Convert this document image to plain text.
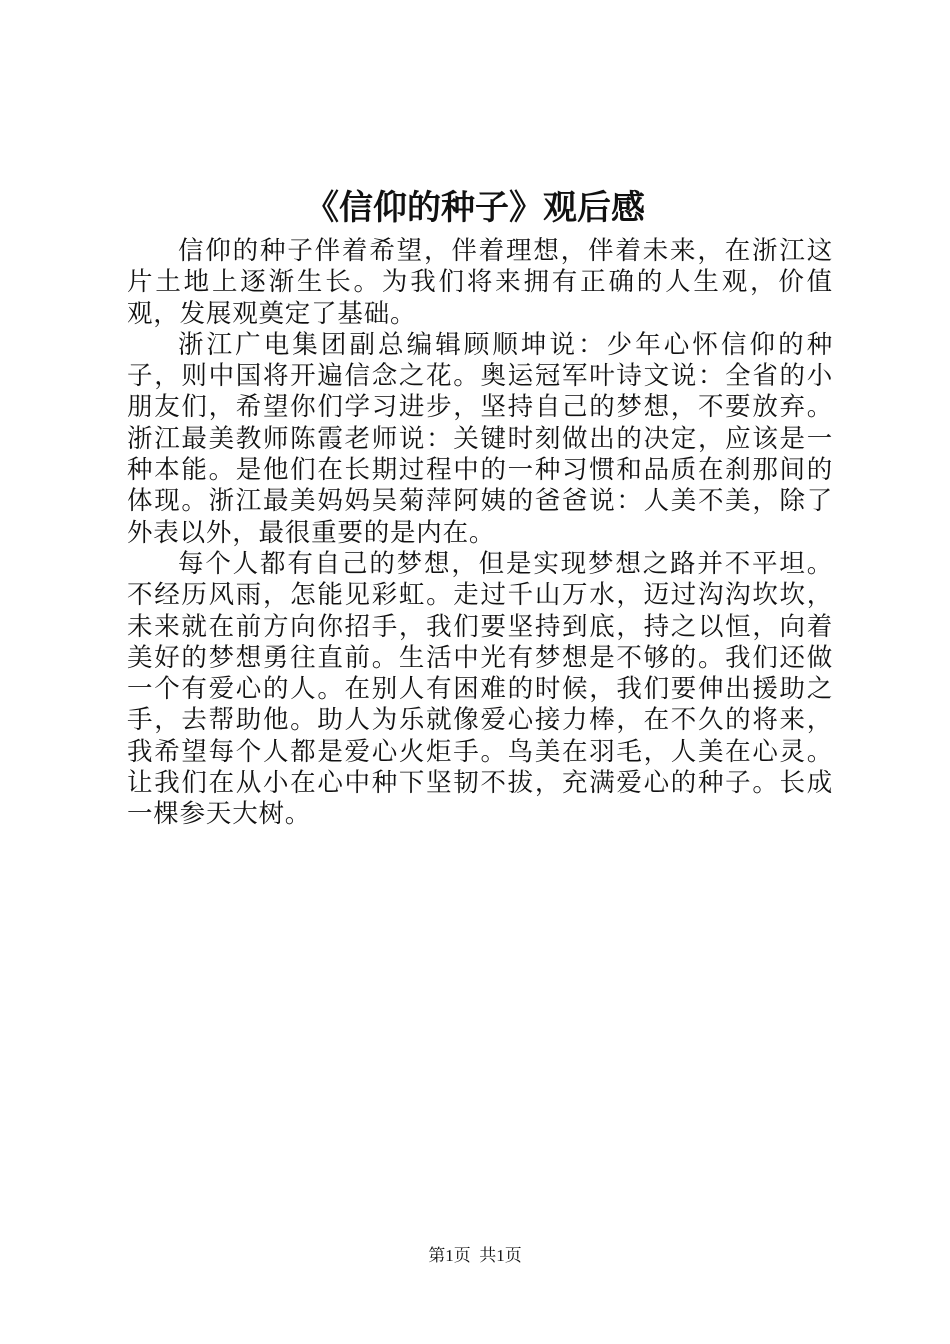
《信仰的种子》观后感

信仰的种子伴着希望，伴着理想，伴着未来，在浙江这片土地上逐渐生长。为我们将来拥有正确的人生观，价值观，发展观奠定了基础。

浙江广电集团副总编辑顾顺坤说：少年心怀信仰的种子，则中国将开遍信念之花。奥运冠军叶诗文说：全省的小朋友们，希望你们学习进步，坚持自己的梦想，不要放弃。浙江最美教师陈霞老师说：关键时刻做出的决定，应该是一种本能。是他们在长期过程中的一种习惯和品质在刹那间的体现。浙江最美妈妈吴菊萍阿姨的爸爸说：人美不美，除了外表以外，最很重要的是内在。

每个人都有自己的梦想，但是实现梦想之路并不平坦。不经历风雨，怎能见彩虹。走过千山万水，迈过沟沟坎坎，未来就在前方向你招手，我们要坚持到底，持之以恒，向着美好的梦想勇往直前。生活中光有梦想是不够的。我们还做一个有爱心的人。在别人有困难的时候，我们要伸出援助之手，去帮助他。助人为乐就像爱心接力棒，在不久的将来，我希望每个人都是爱心火炬手。鸟美在羽毛，人美在心灵。让我们在从小在心中种下坚韧不拔，充满爱心的种子。长成一棵参天大树。

第1页  共1页
